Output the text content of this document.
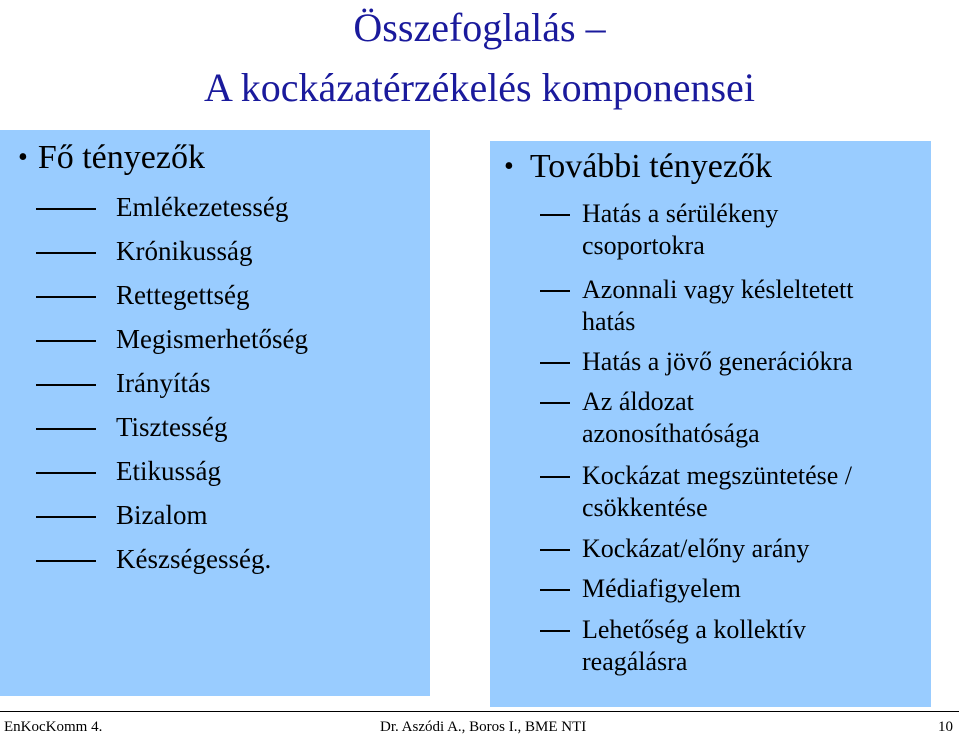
Összefoglalás –
A kockázatérzékelés komponensei
• Fő tényezők
Emlékezetesség
Krónikusság
Rettegettség
Megismerhetőség
Irányítás
Tisztesség
Etikusság
Bizalom
Készségesség.
• További tényezők
Hatás a sérülékeny
csoportokra
Azonnali vagy késleltetett
hatás
Hatás a jövő generációkra
Az áldozat
azonosíthatósága
Kockázat megszüntetése /
csökkentése
Kockázat/előny arány
Médiafigyelem
Lehetőség a kollektív
reagálásra
EnKocKomm 4.	Dr. Aszódi A., Boros I., BME NTI	10
